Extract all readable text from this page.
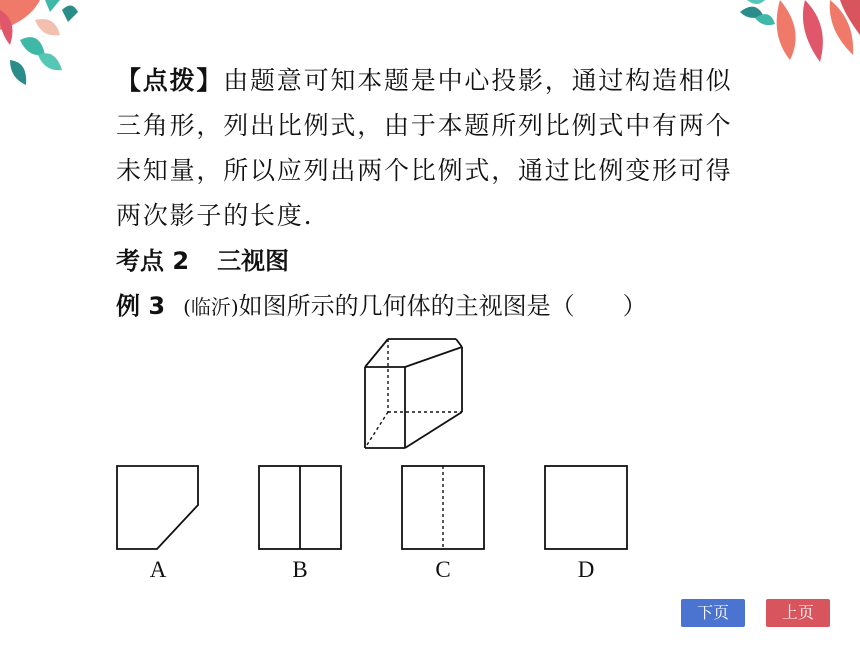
【点拨】由题意可知本题是中心投影，通过构造相似三角形，列出比例式，由于本题所列比例式中有两个未知量，所以应列出两个比例式，通过比例变形可得两次影子的长度.

考点 2 三视图
例 3 (临沂)如图所示的几何体的主视图是（　　）
A	B	C	D
下页	上页
